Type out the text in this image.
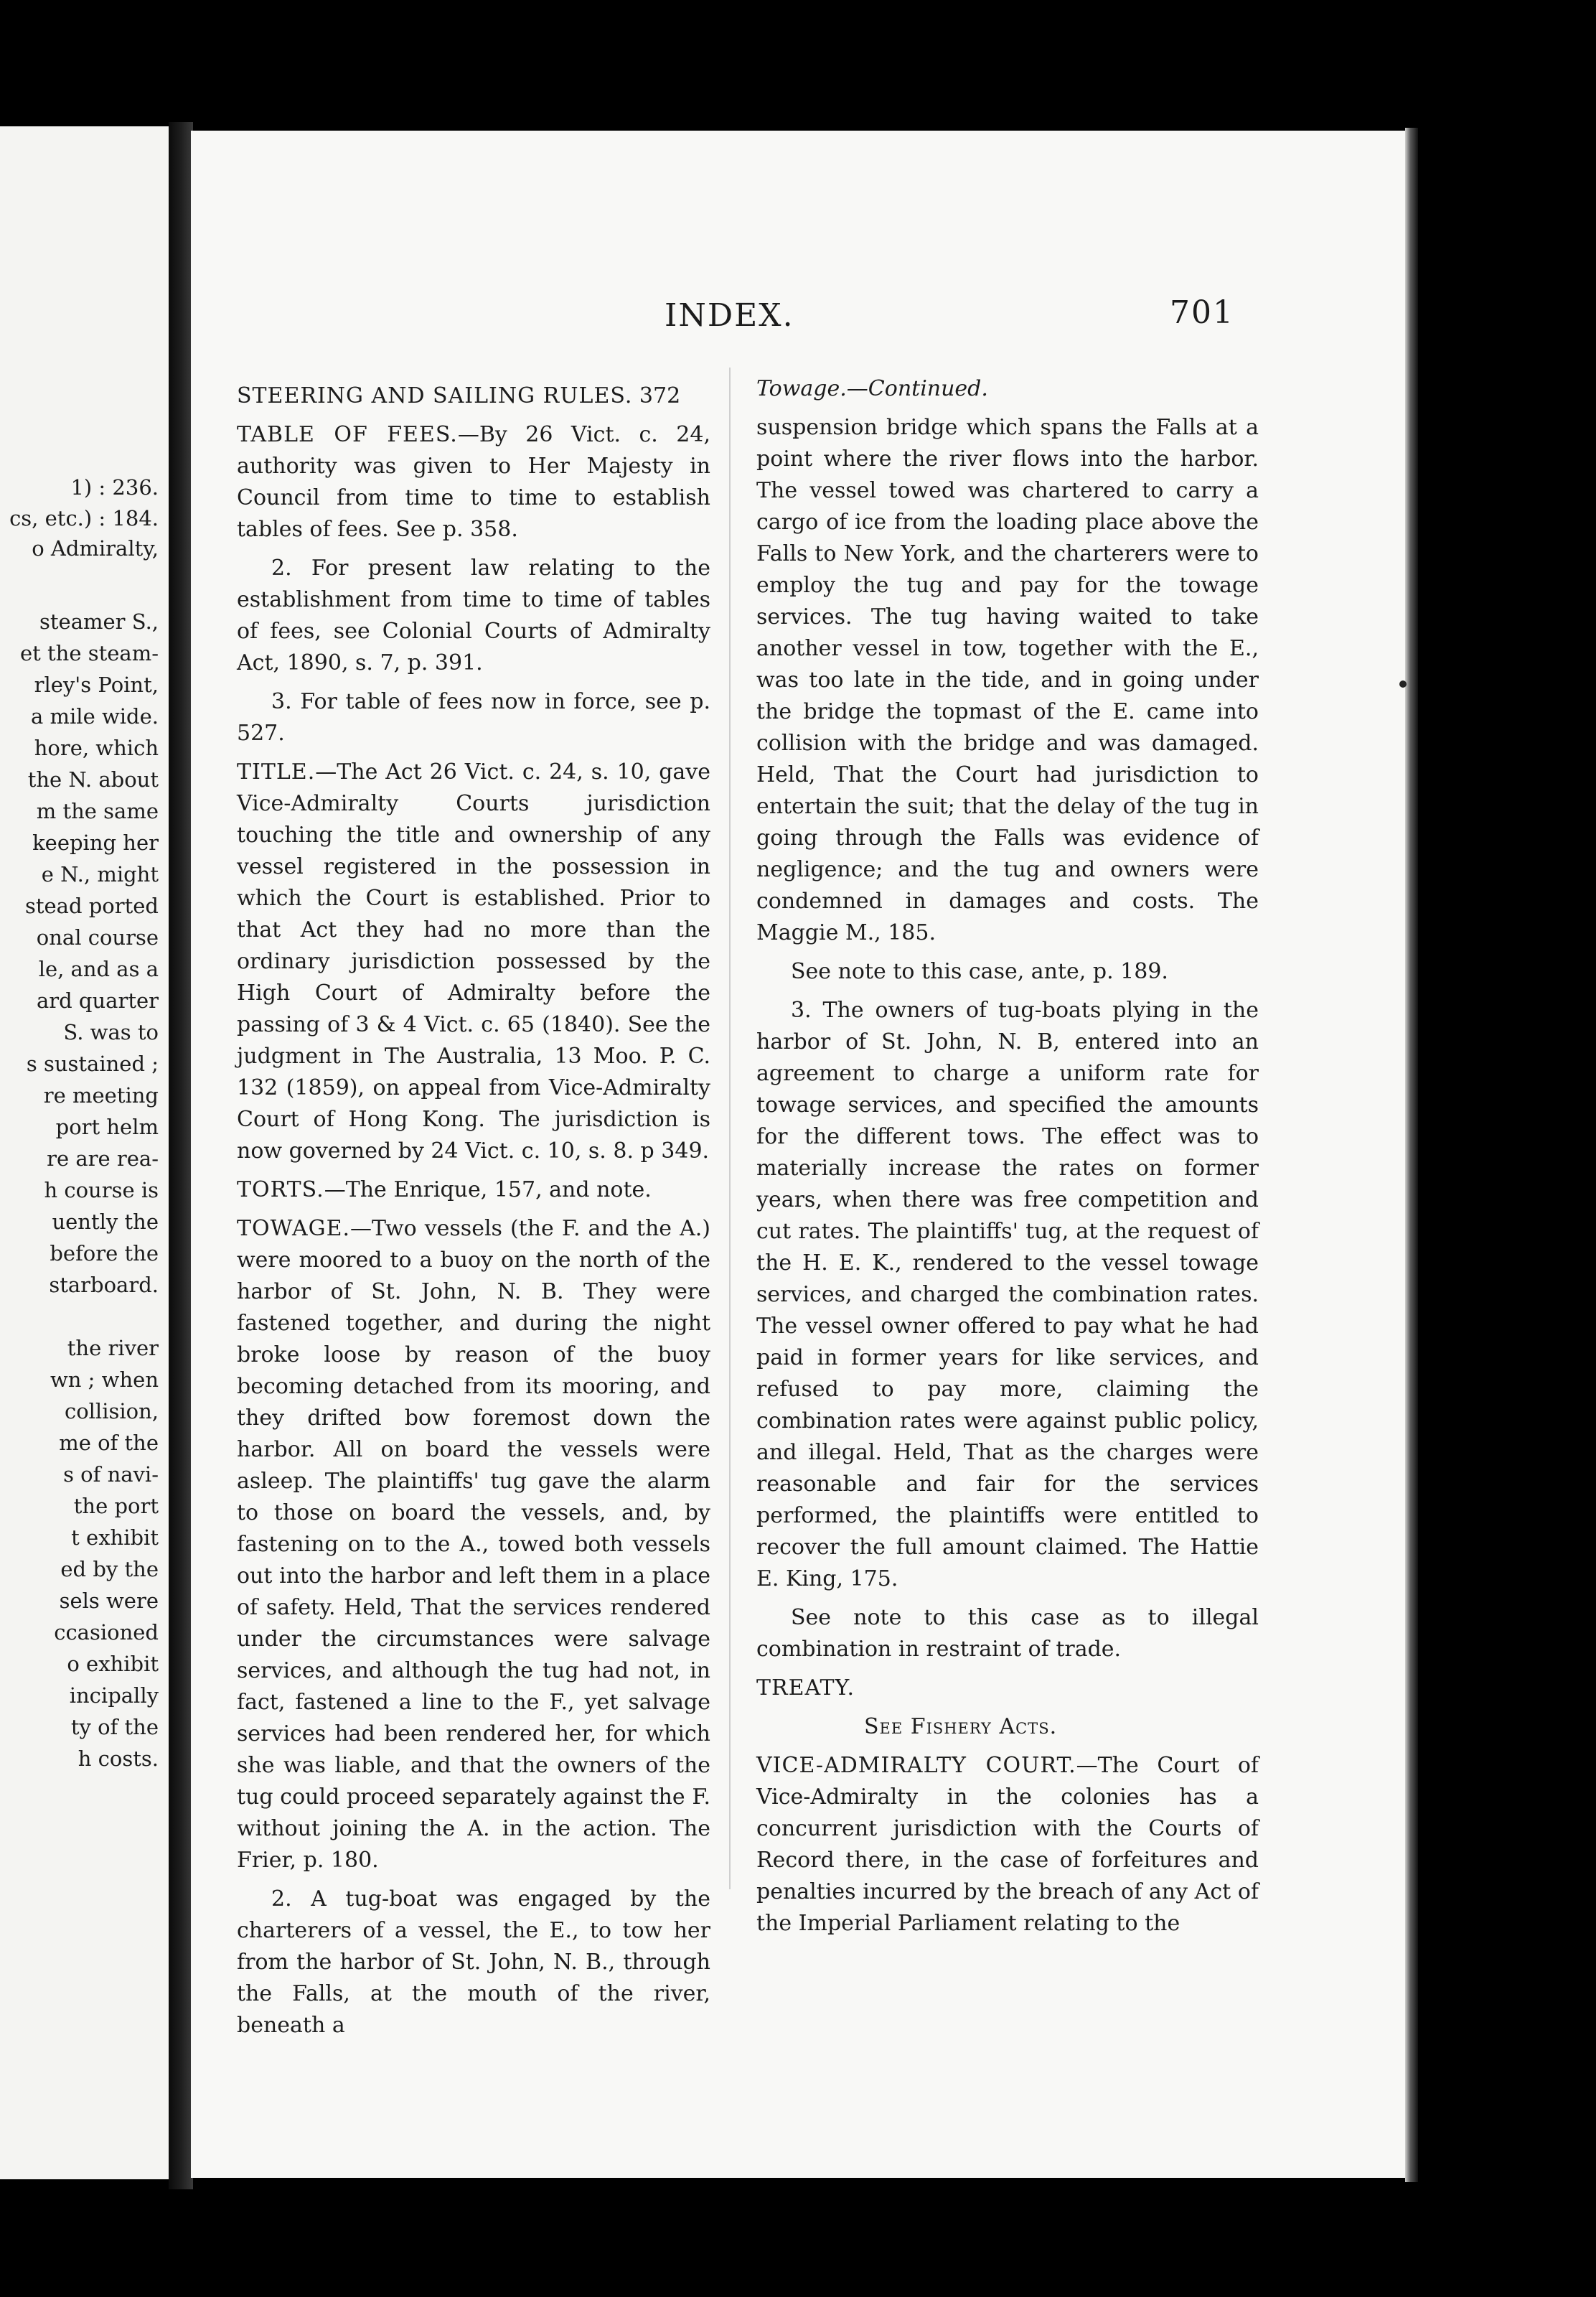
1) : 236.
cs, etc.) : 184.
o Admiralty,
steamer S.,
et the steam-
rley's Point,
a mile wide.
hore, which
the N. about
m the same
keeping her
e N., might
stead ported
onal course
le, and as a
ard quarter
S. was to
s sustained ;
re meeting
port helm
re are rea-
h course is
uently the
before the
starboard.
the river
wn ; when
collision,
me of the
s of navi-
the port
t exhibit
ed by the
sels were
ccasioned
o exhibit
incipally
ty of the
h costs.
INDEX.	701

STEERING AND SAILING RULES. 372

TABLE OF FEES.—By 26 Vict. c. 24, authority was given to Her Majesty in Council from time to time to establish tables of fees. See p. 358.

2. For present law relating to the establishment from time to time of tables of fees, see Colonial Courts of Admiralty Act, 1890, s. 7, p. 391.

3. For table of fees now in force, see p. 527.

TITLE.—The Act 26 Vict. c. 24, s. 10, gave Vice-Admiralty Courts jurisdiction touching the title and ownership of any vessel registered in the possession in which the Court is established. Prior to that Act they had no more than the ordinary jurisdiction possessed by the High Court of Admiralty before the passing of 3 & 4 Vict. c. 65 (1840). See the judgment in The Australia, 13 Moo. P. C. 132 (1859), on appeal from Vice-Admiralty Court of Hong Kong. The jurisdiction is now governed by 24 Vict. c. 10, s. 8. p 349.

TORTS.—The Enrique, 157, and note.

TOWAGE.—Two vessels (the F. and the A.) were moored to a buoy on the north of the harbor of St. John, N. B. They were fastened together, and during the night broke loose by reason of the buoy becoming detached from its mooring, and they drifted bow foremost down the harbor. All on board the vessels were asleep. The plaintiffs' tug gave the alarm to those on board the vessels, and, by fastening on to the A., towed both vessels out into the harbor and left them in a place of safety. Held, That the services rendered under the circumstances were salvage services, and although the tug had not, in fact, fastened a line to the F., yet salvage services had been rendered her, for which she was liable, and that the owners of the tug could proceed separately against the F. without joining the A. in the action. The Frier, p. 180.

2. A tug-boat was engaged by the charterers of a vessel, the E., to tow her from the harbor of St. John, N. B., through the Falls, at the mouth of the river, beneath a

Towage.—Continued.

suspension bridge which spans the Falls at a point where the river flows into the harbor. The vessel towed was chartered to carry a cargo of ice from the loading place above the Falls to New York, and the charterers were to employ the tug and pay for the towage services. The tug having waited to take another vessel in tow, together with the E., was too late in the tide, and in going under the bridge the topmast of the E. came into collision with the bridge and was damaged. Held, That the Court had jurisdiction to entertain the suit; that the delay of the tug in going through the Falls was evidence of negligence; and the tug and owners were condemned in damages and costs. The Maggie M., 185.

See note to this case, ante, p. 189.

3. The owners of tug-boats plying in the harbor of St. John, N. B, entered into an agreement to charge a uniform rate for towage services, and specified the amounts for the different tows. The effect was to materially increase the rates on former years, when there was free competition and cut rates. The plaintiffs' tug, at the request of the H. E. K., rendered to the vessel towage services, and charged the combination rates. The vessel owner offered to pay what he had paid in former years for like services, and refused to pay more, claiming the combination rates were against public policy, and illegal. Held, That as the charges were reasonable and fair for the services performed, the plaintiffs were entitled to recover the full amount claimed. The Hattie E. King, 175.

See note to this case as to illegal combination in restraint of trade.

TREATY.

See Fishery Acts.

VICE-ADMIRALTY COURT.—The Court of Vice-Admiralty in the colonies has a concurrent jurisdiction with the Courts of Record there, in the case of forfeitures and penalties incurred by the breach of any Act of the Imperial Parliament relating to the
